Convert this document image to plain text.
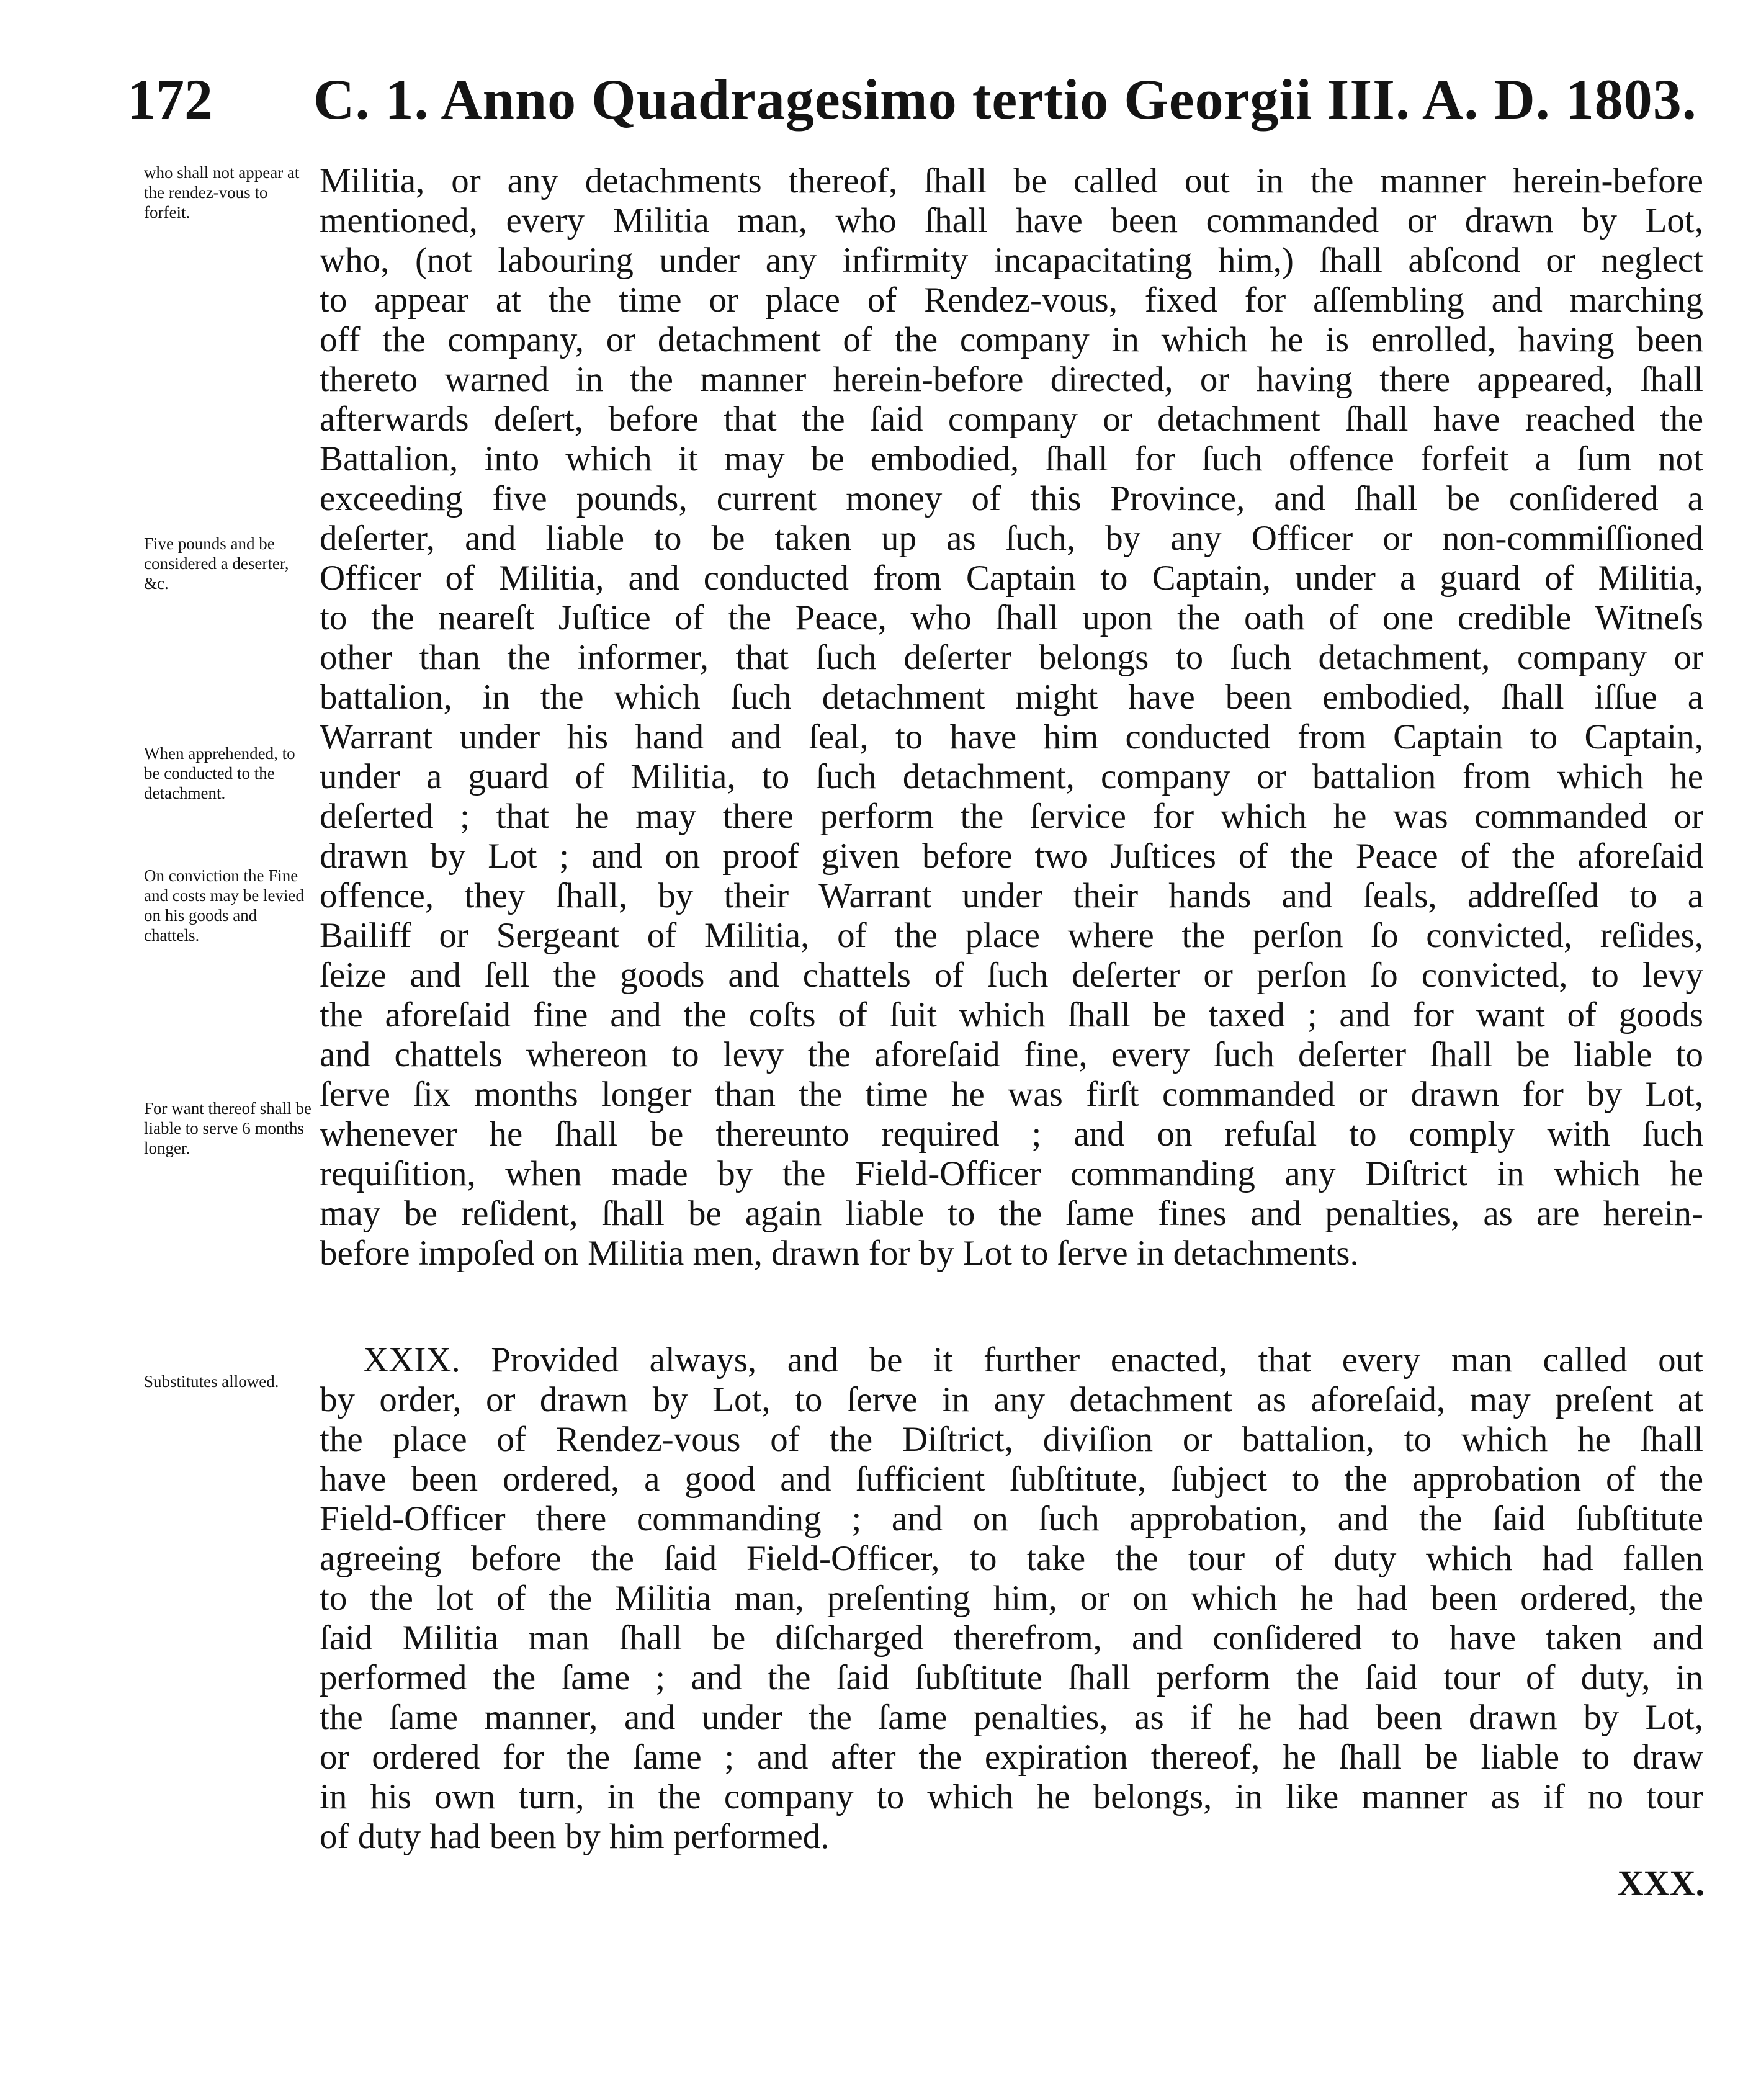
172 C. 1. Anno Quadragesimo tertio Georgii III. A. D. 1803.
who shall not appear at the rendez-vous to forfeit.
Five pounds and be considered a deserter, &c.
When apprehended, to be conducted to the detachment.
On conviction the Fine and costs may be levied on his goods and chattels.
For want thereof shall be liable to serve 6 months longer.
Substitutes allowed.
Militia, or any detachments thereof, ſhall be called out in the manner herein-before
mentioned, every Militia man, who ſhall have been commanded or drawn by Lot,
who, (not labouring under any infirmity incapacitating him,) ſhall abſcond or neglect
to appear at the time or place of Rendez-vous, fixed for aſſembling and marching
off the company, or detachment of the company in which he is enrolled, having been
thereto warned in the manner herein-before directed, or having there appeared, ſhall
afterwards deſert, before that the ſaid company or detachment ſhall have reached the
Battalion, into which it may be embodied, ſhall for ſuch offence forfeit a ſum not
exceeding five pounds, current money of this Province, and ſhall be conſidered a
deſerter, and liable to be taken up as ſuch, by any Officer or non-commiſſioned
Officer of Militia, and conducted from Captain to Captain, under a guard of Militia,
to the neareſt Juſtice of the Peace, who ſhall upon the oath of one credible Witneſs
other than the informer, that ſuch deſerter belongs to ſuch detachment, company or
battalion, in the which ſuch detachment might have been embodied, ſhall iſſue a
Warrant under his hand and ſeal, to have him conducted from Captain to Captain,
under a guard of Militia, to ſuch detachment, company or battalion from which he
deſerted ; that he may there perform the ſervice for which he was commanded or
drawn by Lot ; and on proof given before two Juſtices of the Peace of the aforeſaid
offence, they ſhall, by their Warrant under their hands and ſeals, addreſſed to a
Bailiff or Sergeant of Militia, of the place where the perſon ſo convicted, reſides,
ſeize and ſell the goods and chattels of ſuch deſerter or perſon ſo convicted, to levy
the aforeſaid fine and the coſts of ſuit which ſhall be taxed ; and for want of goods
and chattels whereon to levy the aforeſaid fine, every ſuch deſerter ſhall be liable to
ſerve ſix months longer than the time he was firſt commanded or drawn for by Lot,
whenever he ſhall be thereunto required ; and on refuſal to comply with ſuch
requiſition, when made by the Field-Officer commanding any Diſtrict in which he
may be reſident, ſhall be again liable to the ſame fines and penalties, as are herein-
before impoſed on Militia men, drawn for by Lot to ſerve in detachments.
XXIX. Provided always, and be it further enacted, that every man called out
by order, or drawn by Lot, to ſerve in any detachment as aforeſaid, may preſent at
the place of Rendez-vous of the Diſtrict, diviſion or battalion, to which he ſhall
have been ordered, a good and ſufficient ſubſtitute, ſubject to the approbation of the
Field-Officer there commanding ; and on ſuch approbation, and the ſaid ſubſtitute
agreeing before the ſaid Field-Officer, to take the tour of duty which had fallen
to the lot of the Militia man, preſenting him, or on which he had been ordered, the
ſaid Militia man ſhall be diſcharged therefrom, and conſidered to have taken and
performed the ſame ; and the ſaid ſubſtitute ſhall perform the ſaid tour of duty, in
the ſame manner, and under the ſame penalties, as if he had been drawn by Lot,
or ordered for the ſame ; and after the expiration thereof, he ſhall be liable to draw
in his own turn, in the company to which he belongs, in like manner as if no tour
of duty had been by him performed.
XXX.
